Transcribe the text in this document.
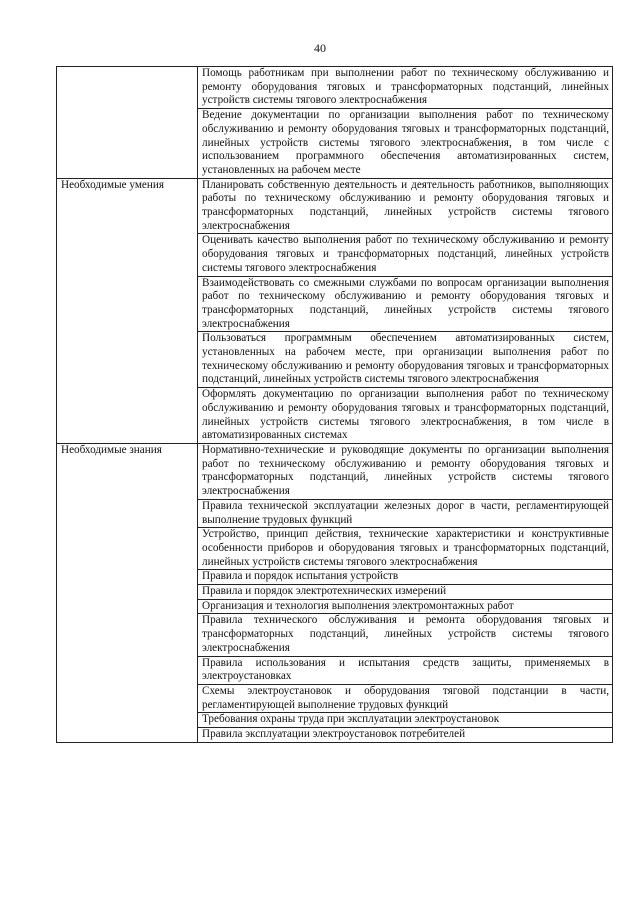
40
	Помощь работникам при выполнении работ по техническому обслуживанию и ремонту оборудования тяговых и трансформаторных подстанций, линейных устройств системы тягового электроснабжения
	Ведение документации по организации выполнения работ по техническому обслуживанию и ремонту оборудования тяговых и трансформаторных подстанций, линейных устройств системы тягового электроснабжения, в том числе с использованием программного обеспечения автоматизированных систем, установленных на рабочем месте
Необходимые умения	Планировать собственную деятельность и деятельность работников, выполняющих работы по техническому обслуживанию и ремонту оборудования тяговых и трансформаторных подстанций, линейных устройств системы тягового электроснабжения
	Оценивать качество выполнения работ по техническому обслуживанию и ремонту оборудования тяговых и трансформаторных подстанций, линейных устройств системы тягового электроснабжения
	Взаимодействовать со смежными службами по вопросам организации выполнения работ по техническому обслуживанию и ремонту оборудования тяговых и трансформаторных подстанций, линейных устройств системы тягового электроснабжения
	Пользоваться программным обеспечением автоматизированных систем, установленных на рабочем месте, при организации выполнения работ по техническому обслуживанию и ремонту оборудования тяговых и трансформаторных подстанций, линейных устройств системы тягового электроснабжения
	Оформлять документацию по организации выполнения работ по техническому обслуживанию и ремонту оборудования тяговых и трансформаторных подстанций, линейных устройств системы тягового электроснабжения, в том числе в автоматизированных системах
Необходимые знания	Нормативно-технические и руководящие документы по организации выполнения работ по техническому обслуживанию и ремонту оборудования тяговых и трансформаторных подстанций, линейных устройств системы тягового электроснабжения
	Правила технической эксплуатации железных дорог в части, регламентирующей выполнение трудовых функций
	Устройство, принцип действия, технические характеристики и конструктивные особенности приборов и оборудования тяговых и трансформаторных подстанций, линейных устройств системы тягового электроснабжения
	Правила и порядок испытания устройств
	Правила и порядок электротехнических измерений
	Организация и технология выполнения электромонтажных работ
	Правила технического обслуживания и ремонта оборудования тяговых и трансформаторных подстанций, линейных устройств системы тягового электроснабжения
	Правила использования и испытания средств защиты, применяемых в электроустановках
	Схемы электроустановок и оборудования тяговой подстанции в части, регламентирующей выполнение трудовых функций
	Требования охраны труда при эксплуатации электроустановок
	Правила эксплуатации электроустановок потребителей
